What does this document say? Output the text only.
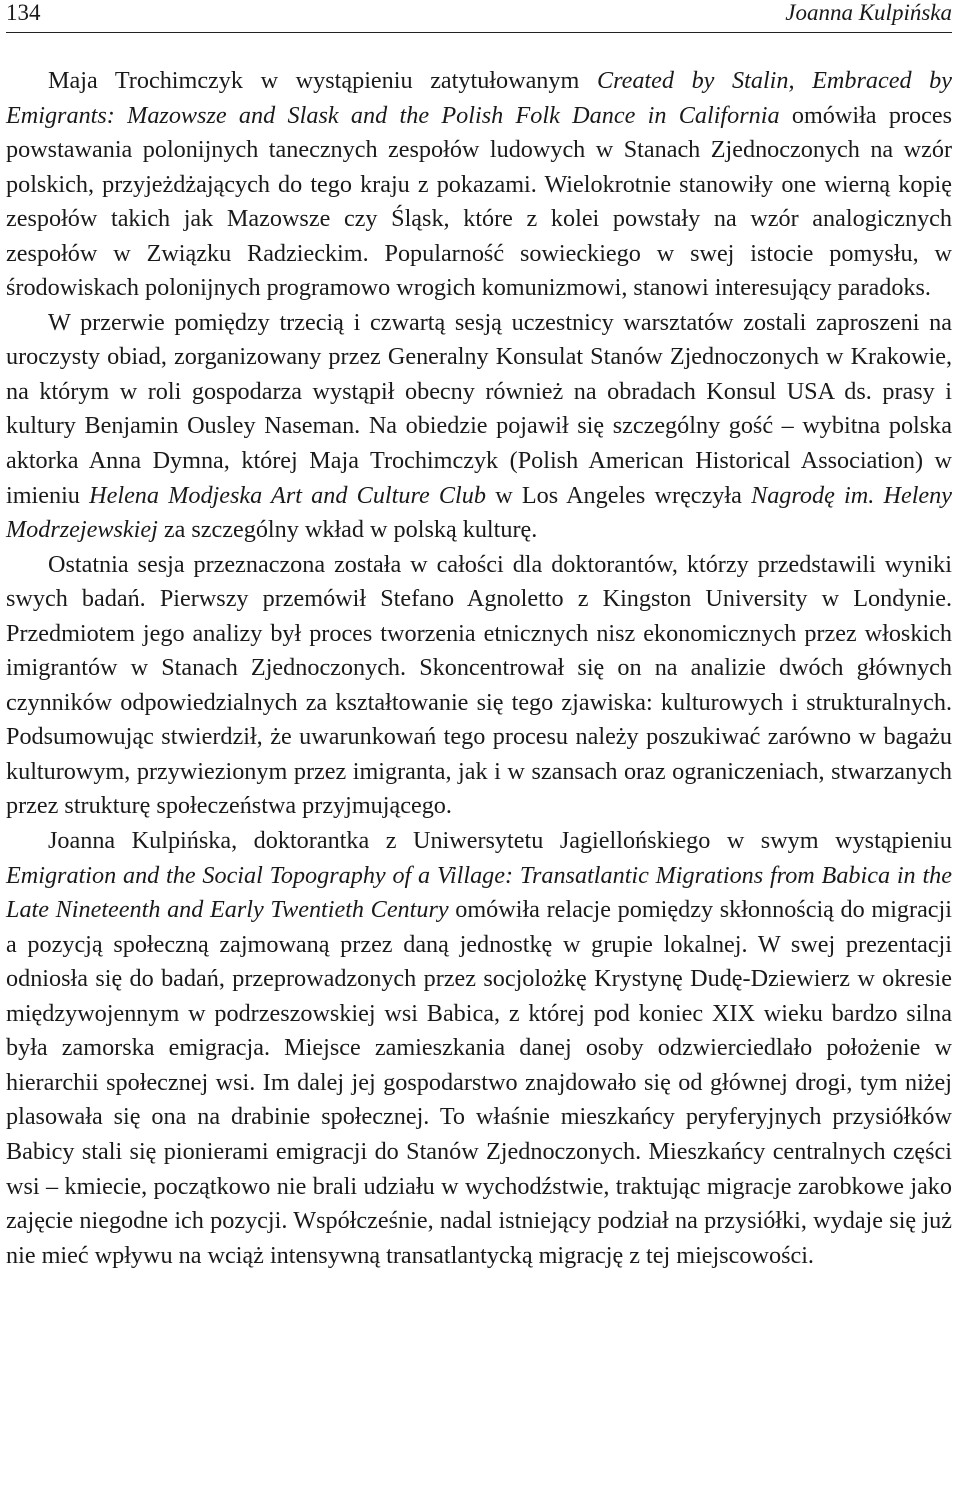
134	Joanna Kulpińska

Maja Trochimczyk w wystąpieniu zatytułowanym Created by Stalin, Embraced by Emigrants: Mazowsze and Slask and the Polish Folk Dance in California omówiła proces powstawania polonijnych tanecznych zespołów ludowych w Stanach Zjednoczonych na wzór polskich, przyjeżdżających do tego kraju z pokazami. Wielokrotnie stanowiły one wierną kopię zespołów takich jak Mazowsze czy Śląsk, które z kolei powstały na wzór analogicznych zespołów w Związku Radzieckim. Popularność sowieckiego w swej istocie pomysłu, w środowiskach polonijnych programowo wrogich komunizmowi, stanowi interesujący paradoks.

W przerwie pomiędzy trzecią i czwartą sesją uczestnicy warsztatów zostali zaproszeni na uroczysty obiad, zorganizowany przez Generalny Konsulat Stanów Zjednoczonych w Krakowie, na którym w roli gospodarza wystąpił obecny również na obradach Konsul USA ds. prasy i kultury Benjamin Ousley Naseman. Na obiedzie pojawił się szczególny gość – wybitna polska aktorka Anna Dymna, której Maja Trochimczyk (Polish American Historical Association) w imieniu Helena Modjeska Art and Culture Club w Los Angeles wręczyła Nagrodę im. Heleny Modrzejewskiej za szczególny wkład w polską kulturę.

Ostatnia sesja przeznaczona została w całości dla doktorantów, którzy przedstawili wyniki swych badań. Pierwszy przemówił Stefano Agnoletto z Kingston University w Londynie. Przedmiotem jego analizy był proces tworzenia etnicznych nisz ekonomicznych przez włoskich imigrantów w Stanach Zjednoczonych. Skoncentrował się on na analizie dwóch głównych czynników odpowiedzialnych za kształtowanie się tego zjawiska: kulturowych i strukturalnych. Podsumowując stwierdził, że uwarunkowań tego procesu należy poszukiwać zarówno w bagażu kulturowym, przywiezionym przez imigranta, jak i w szansach oraz ograniczeniach, stwarzanych przez strukturę społeczeństwa przyjmującego.

Joanna Kulpińska, doktorantka z Uniwersytetu Jagiellońskiego w swym wystąpieniu Emigration and the Social Topography of a Village: Transatlantic Migrations from Babica in the Late Nineteenth and Early Twentieth Century omówiła relacje pomiędzy skłonnością do migracji a pozycją społeczną zajmowaną przez daną jednostkę w grupie lokalnej. W swej prezentacji odniosła się do badań, przeprowadzonych przez socjolożkę Krystynę Dudę-Dziewierz w okresie międzywojennym w podrzeszowskiej wsi Babica, z której pod koniec XIX wieku bardzo silna była zamorska emigracja. Miejsce zamieszkania danej osoby odzwierciedlało położenie w hierarchii społecznej wsi. Im dalej jej gospodarstwo znajdowało się od głównej drogi, tym niżej plasowała się ona na drabinie społecznej. To właśnie mieszkańcy peryferyjnych przysiółków Babicy stali się pionierami emigracji do Stanów Zjednoczonych. Mieszkańcy centralnych części wsi – kmiecie, początkowo nie brali udziału w wychodźstwie, traktując migracje zarobkowe jako zajęcie niegodne ich pozycji. Współcześnie, nadal istniejący podział na przysiółki, wydaje się już nie mieć wpływu na wciąż intensywną transatlantycką migrację z tej miejscowości.
